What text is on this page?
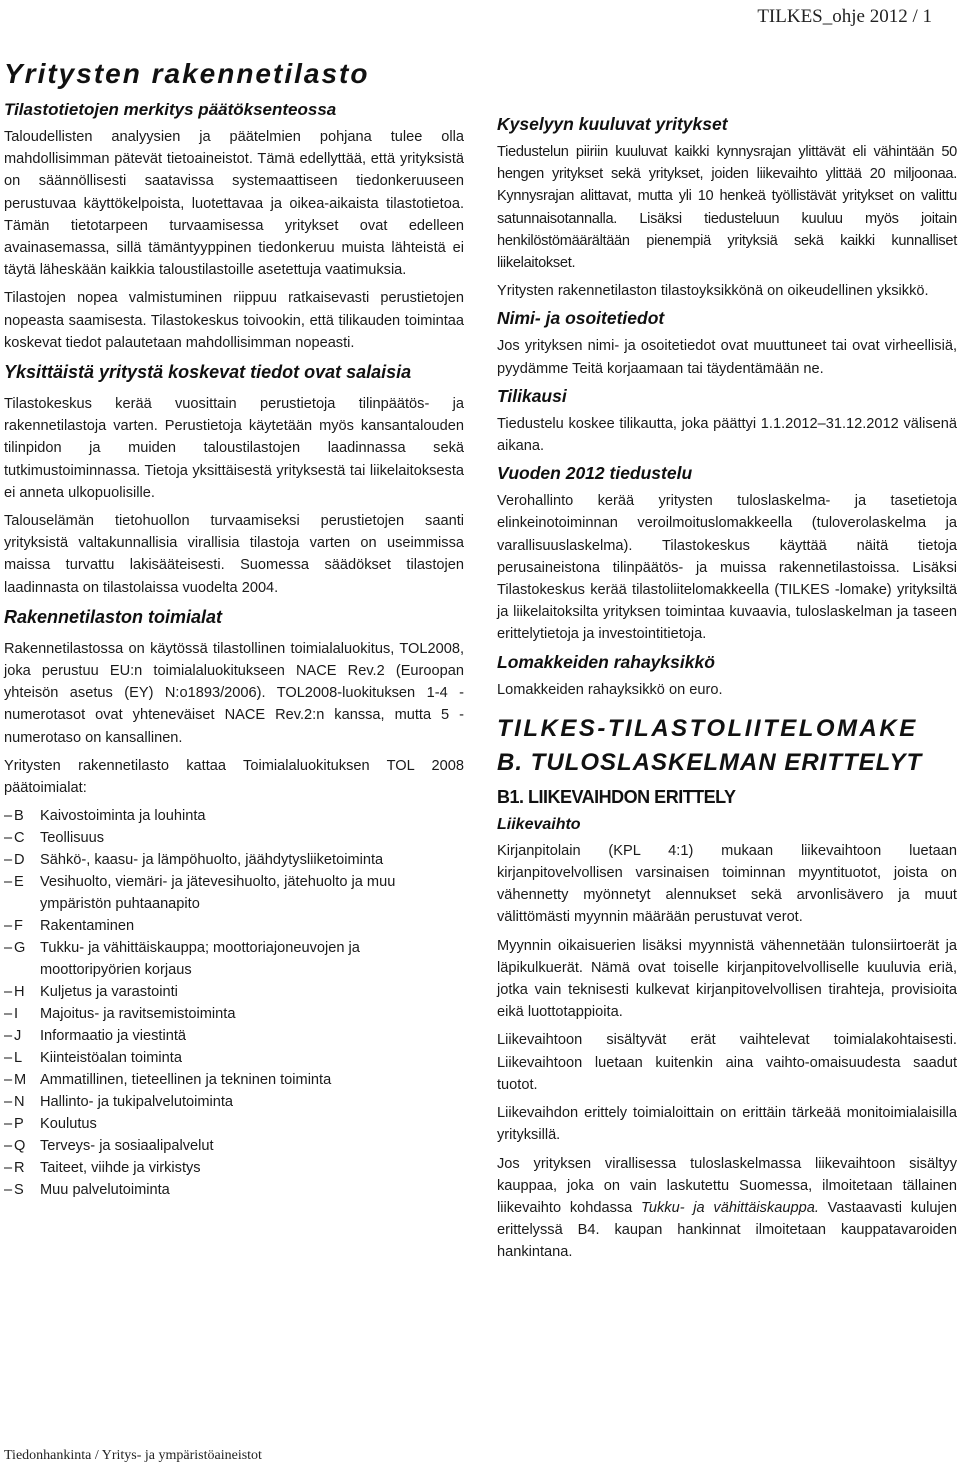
TILKES_ohje 2012 / 1
Yritysten rakennetilasto
Tilastotietojen merkitys päätöksenteossa

Taloudellisten analyysien ja päätelmien pohjana tulee olla mahdollisimman pätevät tietoaineistot. Tämä edellyttää, että yrityksistä on säännöllisesti saatavissa systemaattiseen tiedonkeruuseen perustuvaa käyttökelpoista, luotettavaa ja oikea-aikaista tilastotietoa. Tämän tietotarpeen turvaamisessa yritykset ovat edelleen avainasemassa, sillä tämäntyyppinen tiedonkeruu muista lähteistä ei täytä läheskään kaikkia taloustilastoille asetettuja vaatimuksia.

Tilastojen nopea valmistuminen riippuu ratkaisevasti perustietojen nopeasta saamisesta. Tilastokeskus toivookin, että tilikauden toimintaa koskevat tiedot palautetaan mahdollisimman nopeasti.

Yksittäistä yritystä koskevat tiedot ovat salaisia

Tilastokeskus kerää vuosittain perustietoja tilinpäätös- ja rakennetilastoja varten. Perustietoja käytetään myös kansantalouden tilinpidon ja muiden taloustilastojen laadinnassa sekä tutkimustoiminnassa. Tietoja yksittäisestä yrityksestä tai liikelaitoksesta ei anneta ulkopuolisille.

Talouselämän tietohuollon turvaamiseksi perustietojen saanti yrityksistä valtakunnallisia virallisia tilastoja varten on useimmissa maissa turvattu lakisääteisesti. Suomessa säädökset tilastojen laadinnasta on tilastolaissa vuodelta 2004.

Rakennetilaston toimialat

Rakennetilastossa on käytössä tilastollinen toimialaluokitus, TOL2008, joka perustuu EU:n toimialaluokitukseen NACE Rev.2 (Euroopan yhteisön asetus (EY) N:o1893/2006). TOL2008-luokituksen 1-4 -numerotasot ovat yhteneväiset NACE Rev.2:n kanssa, mutta 5 -numerotaso on kansallinen.

Yritysten rakennetilasto kattaa Toimialaluokituksen TOL 2008 päätoimialat:

– B	Kaivostoiminta ja louhinta
– C	Teollisuus
– D	Sähkö-, kaasu- ja lämpöhuolto, jäähdytysliiketoiminta
– E	Vesihuolto, viemäri- ja jätevesihuolto, jätehuolto ja muu ympäristön puhtaanapito
– F	Rakentaminen
– G	Tukku- ja vähittäiskauppa; moottoriajoneuvojen ja moottoripyörien korjaus
– H	Kuljetus ja varastointi
– I	Majoitus- ja ravitsemistoiminta
– J	Informaatio ja viestintä
– L	Kiinteistöalan toiminta
– M Ammatillinen, tieteellinen ja tekninen toiminta
– N	Hallinto- ja tukipalvelutoiminta
– P	Koulutus
– Q	Terveys- ja sosiaalipalvelut
– R	Taiteet, viihde ja virkistys
– S	Muu palvelutoiminta
Kyselyyn kuuluvat yritykset

Tiedustelun piiriin kuuluvat kaikki kynnysrajan ylittävät eli vähintään 50 hengen yritykset sekä yritykset, joiden liikevaihto ylittää 20 miljoonaa. Kynnysrajan alittavat, mutta yli 10 henkeä työllistävät yritykset on valittu satunnaisotannalla. Lisäksi tiedusteluun kuuluu myös joitain henkilöstömäärältään pienempiä yrityksiä sekä kaikki kunnalliset liikelaitokset.

Yritysten rakennetilaston tilastoyksikkönä on oikeudellinen yksikkö.

Nimi- ja osoitetiedot

Jos yrityksen nimi- ja osoitetiedot ovat muuttuneet tai ovat virheellisiä, pyydämme Teitä korjaamaan tai täydentämään ne.

Tilikausi

Tiedustelu koskee tilikautta, joka päättyi 1.1.2012–31.12.2012 välisenä aikana.

Vuoden 2012 tiedustelu

Verohallinto kerää yritysten tuloslaskelma- ja tasetietoja elinkeinotoiminnan veroilmoituslomakkeella (tuloverolaskelma ja varallisuuslaskelma). Tilastokeskus käyttää näitä tietoja perusaineistona tilinpäätös- ja muissa rakennetilastoissa. Lisäksi Tilastokeskus kerää tilastoliitelomakkeella (TILKES -lomake) yrityksiltä ja liikelaitoksilta yrityksen toimintaa kuvaavia, tuloslaskelman ja taseen erittelytietoja ja investointitietoja.

Lomakkeiden rahayksikkö

Lomakkeiden rahayksikkö on euro.

TILKES-TILASTOLIITELOMAKE
B. TULOSLASKELMAN ERITTELYT
B1. LIIKEVAIHDON ERITTELY
Liikevaihto

Kirjanpitolain (KPL 4:1) mukaan liikevaihtoon luetaan kirjanpitovelvollisen varsinaisen toiminnan myyntituotot, joista on vähennetty myönnetyt alennukset sekä arvonlisävero ja muut välittömästi myynnin määrään perustuvat verot.

Myynnin oikaisuerien lisäksi myynnistä vähennetään tulonsiirtoerät ja läpikulkuerät. Nämä ovat toiselle kirjanpitovelvolliselle kuuluvia eriä, jotka vain teknisesti kulkevat kirjanpitovelvollisen tirahteja, provisioita eikä luottotappioita.

Liikevaihtoon sisältyvät erät vaihtelevat toimialakohtaisesti. Liikevaihtoon luetaan kuitenkin aina vaihto-omaisuudesta saadut tuotot.

Liikevaihdon erittely toimialoittain on erittäin tärkeää monitoimialaisilla yrityksillä.

Jos yrityksen virallisessa tuloslaskelmassa liikevaihtoon sisältyy kauppaa, joka on vain laskutettu Suomessa, ilmoitetaan tällainen liikevaihto kohdassa Tukku- ja vähittäiskauppa. Vastaavasti kulujen erittelyssä B4. kaupan hankinnat ilmoitetaan kauppatavaroiden hankintana.

Tiedonhankinta / Yritys- ja ympäristöaineistot
